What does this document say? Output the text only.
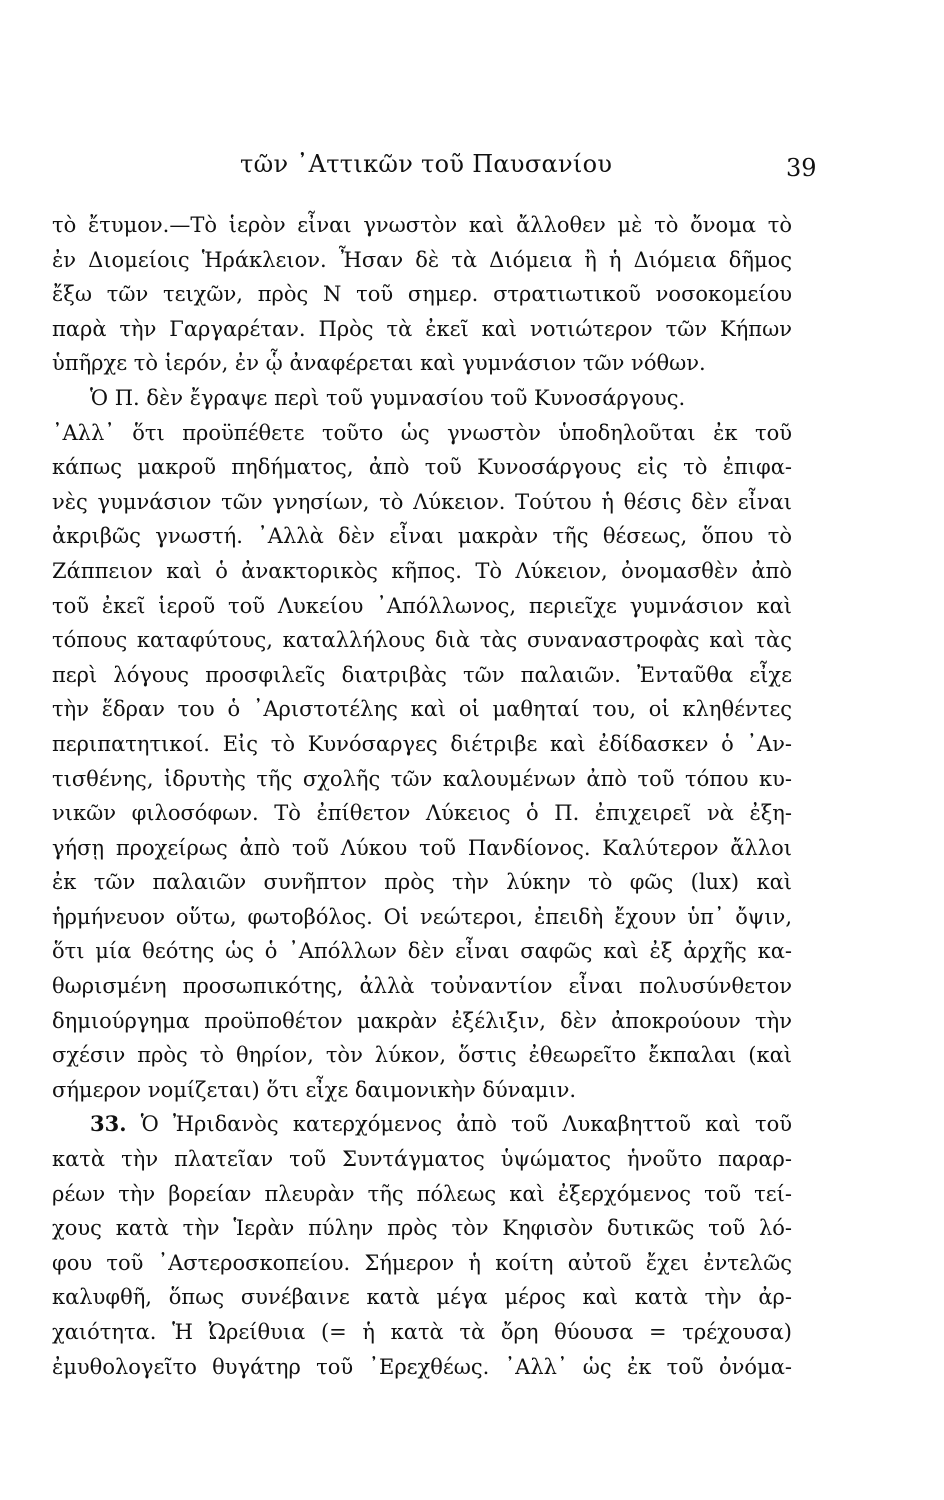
τῶν ᾿Αττικῶν τοῦ Παυσανίου	39
τὸ ἔτυμον.—Τὸ ἱερὸν εἶναι γνωστὸν καὶ ἄλλοθεν μὲ τὸ ὄνομα τὸ
ἐν Διομείοις Ἡράκλειον. Ἦσαν δὲ τὰ Διόμεια ἢ ἡ Διόμεια δῆμος
ἔξω τῶν τειχῶν, πρὸς Ν τοῦ σημερ. στρατιωτικοῦ νοσοκομείου
παρὰ τὴν Γαργαρέταν. Πρὸς τὰ ἐκεῖ καὶ νοτιώτερον τῶν Κήπων
ὑπῆρχε τὸ ἱερόν, ἐν ᾧ ἀναφέρεται καὶ γυμνάσιον τῶν νόθων.
Ὁ Π. δὲν ἔγραψε περὶ τοῦ γυμνασίου τοῦ Κυνοσάργους.
᾿Αλλ᾿ ὅτι προϋπέθετε τοῦτο ὡς γνωστὸν ὑποδηλοῦται ἐκ τοῦ
κάπως μακροῦ πηδήματος, ἀπὸ τοῦ Κυνοσάργους εἰς τὸ ἐπιφα-
νὲς γυμνάσιον τῶν γνησίων, τὸ Λύκειον. Τούτου ἡ θέσις δὲν εἶναι
ἀκριβῶς γνωστή. ᾿Αλλὰ δὲν εἶναι μακρὰν τῆς θέσεως, ὅπου τὸ
Ζάππειον καὶ ὁ ἀνακτορικὸς κῆπος. Τὸ Λύκειον, ὀνομασθὲν ἀπὸ
τοῦ ἐκεῖ ἱεροῦ τοῦ Λυκείου ᾿Απόλλωνος, περιεῖχε γυμνάσιον καὶ
τόπους καταφύτους, καταλλήλους διὰ τὰς συναναστροφὰς καὶ τὰς
περὶ λόγους προσφιλεῖς διατριβὰς τῶν παλαιῶν. Ἐνταῦθα εἶχε
τὴν ἕδραν του ὁ ᾿Αριστοτέλης καὶ οἱ μαθηταί του, οἱ κληθέντες
περιπατητικοί. Εἰς τὸ Κυνόσαργες διέτριβε καὶ ἐδίδασκεν ὁ ᾿Αν-
τισθένης, ἱδρυτὴς τῆς σχολῆς τῶν καλουμένων ἀπὸ τοῦ τόπου κυ-
νικῶν φιλοσόφων. Τὸ ἐπίθετον Λύκειος ὁ Π. ἐπιχειρεῖ νὰ ἐξη-
γήσῃ προχείρως ἀπὸ τοῦ Λύκου τοῦ Πανδίονος. Καλύτερον ἄλλοι
ἐκ τῶν παλαιῶν συνῆπτον πρὸς τὴν λύκην τὸ φῶς (lux) καὶ
ἡρμήνευον οὕτω, φωτοβόλος. Οἱ νεώτεροι, ἐπειδὴ ἔχουν ὑπ᾿ ὄψιν,
ὅτι μία θεότης ὡς ὁ ᾿Απόλλων δὲν εἶναι σαφῶς καὶ ἐξ ἀρχῆς κα-
θωρισμένη προσωπικότης, ἀλλὰ τοὐναντίον εἶναι πολυσύνθετον
δημιούργημα προϋποθέτον μακρὰν ἐξέλιξιν, δὲν ἀποκρούουν τὴν
σχέσιν πρὸς τὸ θηρίον, τὸν λύκον, ὅστις ἐθεωρεῖτο ἔκπαλαι (καὶ
σήμερον νομίζεται) ὅτι εἶχε δαιμονικὴν δύναμιν.
33. Ὁ Ἠριδανὸς κατερχόμενος ἀπὸ τοῦ Λυκαβηττοῦ καὶ τοῦ
κατὰ τὴν πλατεῖαν τοῦ Συντάγματος ὑψώματος ἡνοῦτο παραρ-
ρέων τὴν βορείαν πλευρὰν τῆς πόλεως καὶ ἐξερχόμενος τοῦ τεί-
χους κατὰ τὴν Ἱερὰν πύλην πρὸς τὸν Κηφισὸν δυτικῶς τοῦ λό-
φου τοῦ ᾿Αστεροσκοπείου. Σήμερον ἡ κοίτη αὐτοῦ ἔχει ἐντελῶς
καλυφθῆ, ὅπως συνέβαινε κατὰ μέγα μέρος καὶ κατὰ τὴν ἀρ-
χαιότητα. Ἡ Ὠρείθυια (= ἡ κατὰ τὰ ὄρη θύουσα = τρέχουσα)
ἐμυθολογεῖτο θυγάτηρ τοῦ ᾿Ερεχθέως. ᾿Αλλ᾿ ὡς ἐκ τοῦ ὀνόμα-
